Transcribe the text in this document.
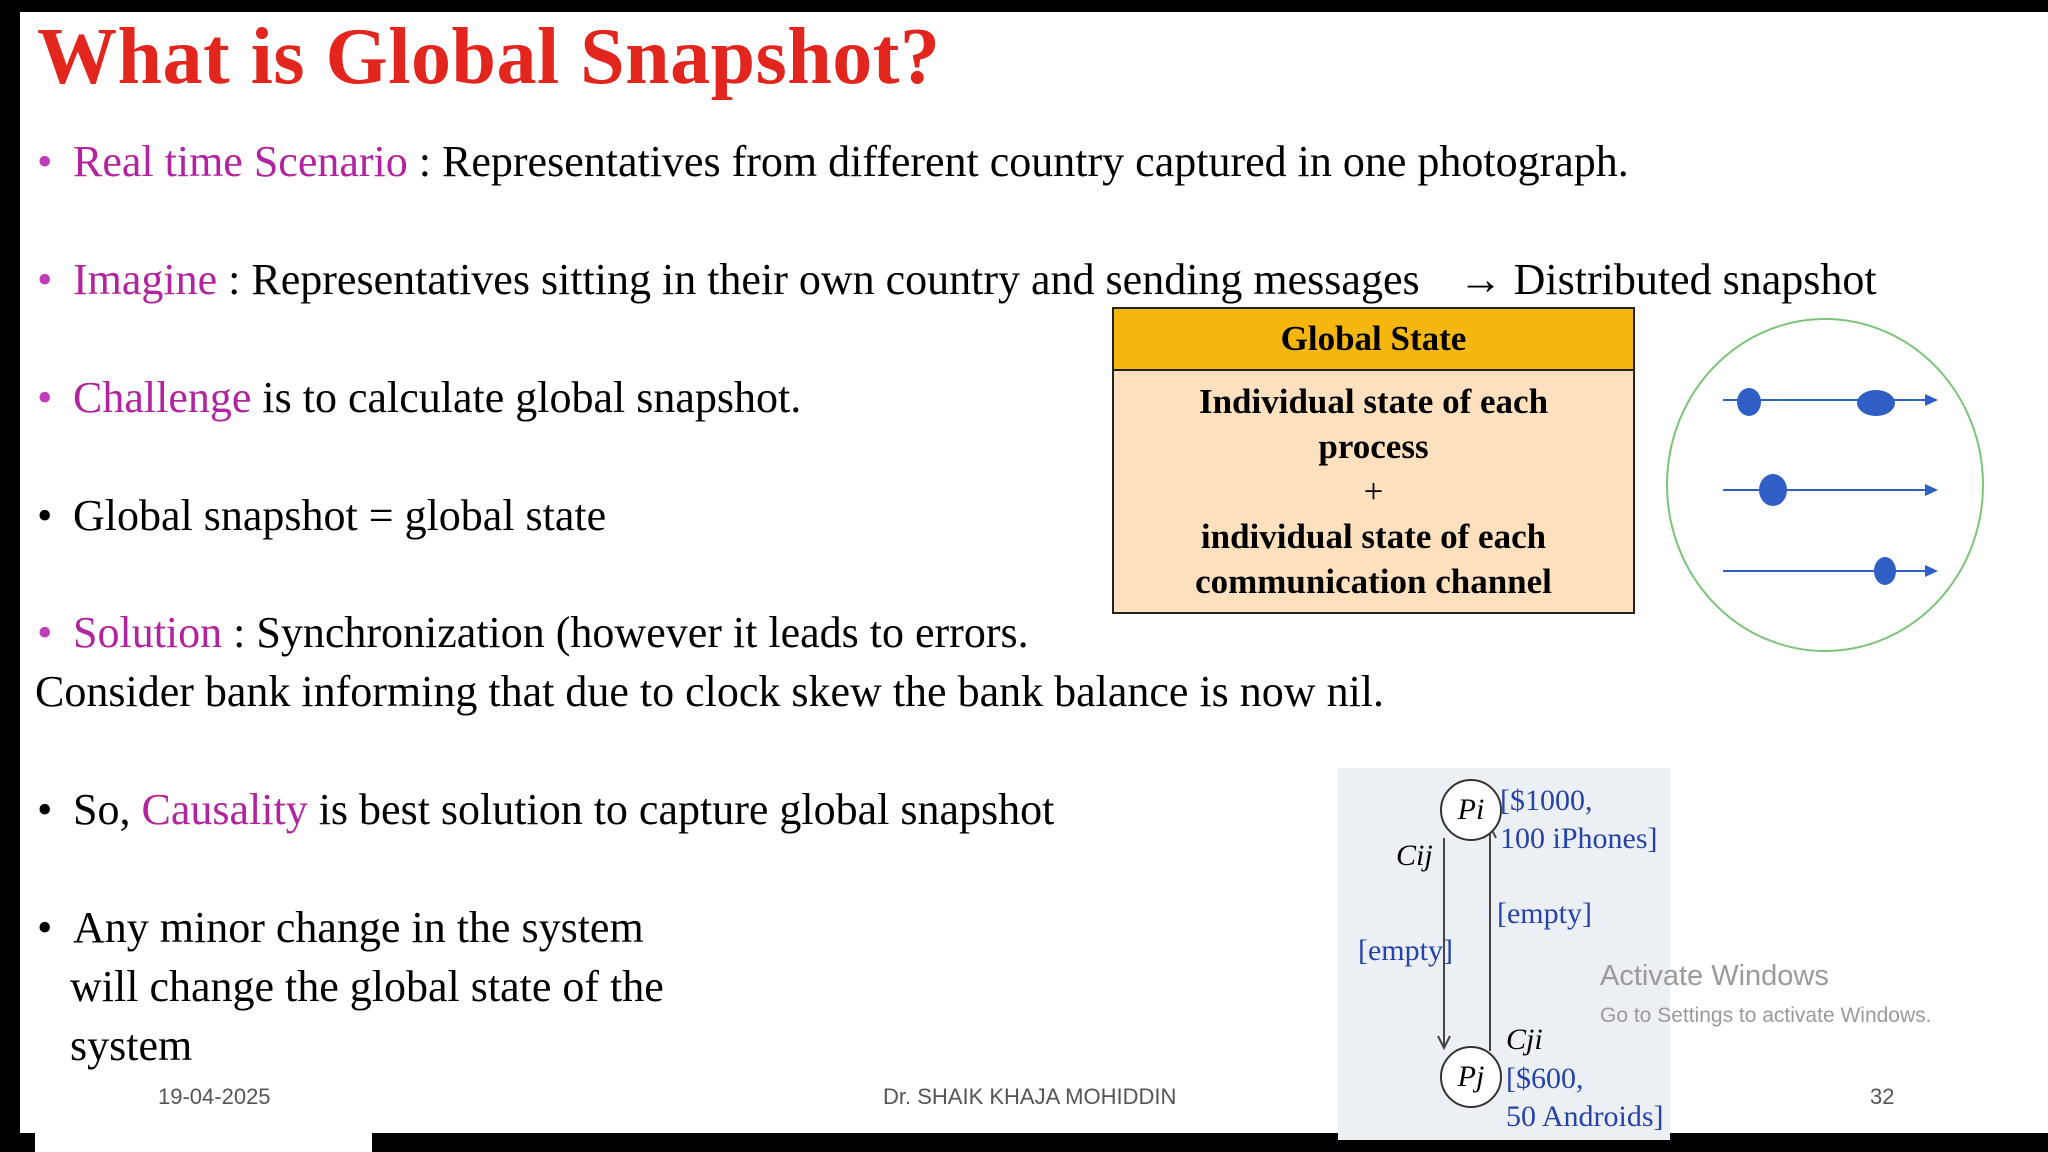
What is Global Snapshot?
• Real time Scenario : Representatives from different country captured in one photograph.
• Imagine : Representatives sitting in their own country and sending messages → Distributed snapshot
• Challenge is to calculate global snapshot.
• Global snapshot = global state
• Solution : Synchronization (however it leads to errors.
Consider bank informing that due to clock skew the bank balance is now nil.
• So, Causality is best solution to capture global snapshot
• Any minor change in the system
will change the global state of the
system
Global State
Individual state of each
process
+
individual state of each
communication channel
Pi
Pj
[$1000,
100 iPhones]
Cij
[empty]
[empty]
Cji
[$600,
50 Androids]
Activate Windows
Go to Settings to activate Windows.
19-04-2025	Dr. SHAIK KHAJA MOHIDDIN	32
